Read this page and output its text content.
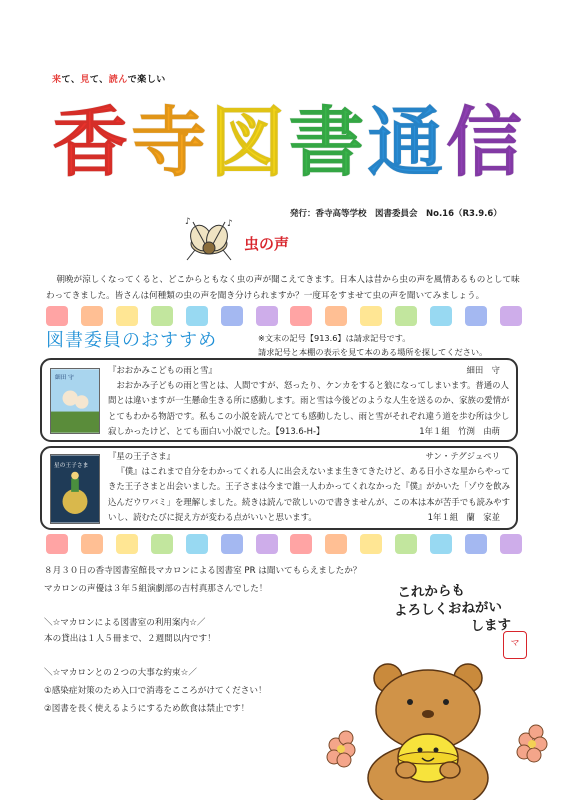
来て、見て、読んで楽しい
香 寺 図 書 通 信
発行：香寺高等学校　図書委員会　No.16（R3.9.6）
♪	♪
虫の声
朝晩が涼しくなってくると、どこからともなく虫の声が聞こえてきます。日本人は昔から虫の声を風情あるものとして味わってきました。皆さんは何種類の虫の声を聞き分けられますか？一度耳をすませて虫の声を聞いてみましょう。
図書委員のおすすめ	※文末の記号【913.6】は請求記号です。
請求記号と本棚の表示を見て本のある場所を探してください。
細田 守
『おおかみこどもの雨と雪』	細田　守
おおかみ子どもの雨と雪とは、人間ですが、怒ったり、ケンカをすると狼になってしまいます。普通の人間とは違いますが一生懸命生きる所に感動します。雨と雪は今後どのような人生を送るのか、家族の愛情がとてもわかる物語です。私もこの小説を読んでとても感動したし、雨と雪がそれぞれ違う道を歩む所は少し寂しかったけど、とても面白い小説でした。【913.6-H-】	1年１組　竹渕　由萌
星の王子さま
『星の王子さま』	サン・テグジュペリ
『僕』はこれまで自分をわかってくれる人に出会えないまま生きてきたけど、ある日小さな星からやってきた王子さまと出会いました。王子さまは今まで誰一人わかってくれなかった『僕』がかいた「ゾウを飲み込んだウワバミ」を理解しました。続きは読んで欲しいので書きませんが、この本は本が苦手でも読みやすいし、読むたびに捉え方が変わる点がいいと思います。	1年１組　蘭　家並
８月３０日の香寺図書室館長マカロンによる図書室 PR は聞いてもらえましたか？
マカロンの声優は３年５組演劇部の吉村真那さんでした！
＼☆マカロンによる図書室の利用案内☆／
本の貸出は１人５冊まで、２週間以内です！
＼☆マカロンとの２つの大事な約束☆／
①感染症対策のため入口で消毒をこころがけてください！
②図書を長く使えるようにするため飲食は禁止です！
これからも
よろしくおねがい
します
マ
